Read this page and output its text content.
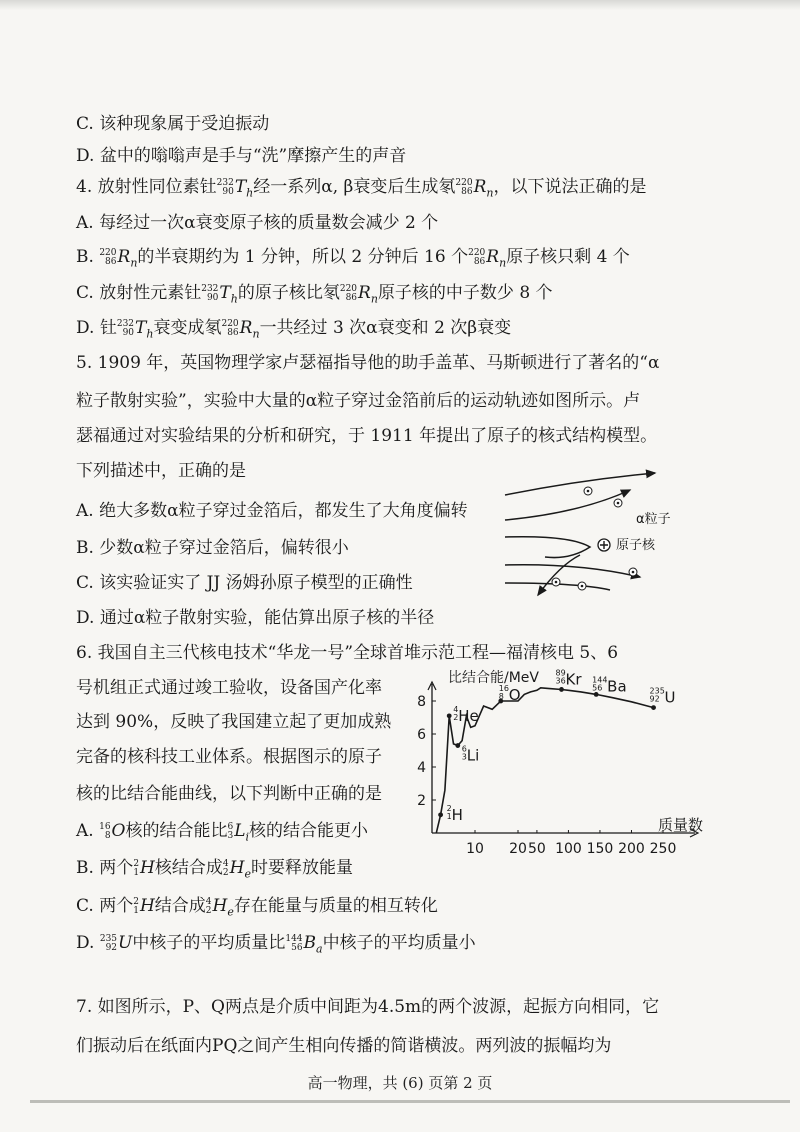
C. 该种现象属于受迫振动
D. 盆中的嗡嗡声是手与“洗”摩擦产生的声音
4. 放射性同位素钍 232
90 $T_h$经一系列α, β衰变后生成氡 220
86 $R_n$，以下说法正确的是
A. 每经过一次α衰变原子核的质量数会减少 2 个
B. 220
86 $R_n$的半衰期约为 1 分钟，所以 2 分钟后 16 个 220
86 $R_n$原子核只剩 4 个
C. 放射性元素钍 232
90 $T_h$的原子核比氡 220
86 $R_n$原子核的中子数少 8 个
D. 钍 232
90 $T_h$衰变成氡 220
86 $R_n$一共经过 3 次α衰变和 2 次β衰变
5. 1909 年，英国物理学家卢瑟福指导他的助手盖革、马斯顿进行了著名的“α
粒子散射实验”，实验中大量的α粒子穿过金箔前后的运动轨迹如图所示。卢
瑟福通过对实验结果的分析和研究，于 1911 年提出了原子的核式结构模型。
下列描述中，正确的是
A. 绝大多数α粒子穿过金箔后，都发生了大角度偏转
B. 少数α粒子穿过金箔后，偏转很小
C. 该实验证实了 JJ 汤姆孙原子模型的正确性
D. 通过α粒子散射实验，能估算出原子核的半径
α粒子
原子核
6. 我国自主三代核电技术“华龙一号”全球首堆示范工程—福清核电 5、6
号机组正式通过竣工验收，设备国产化率
达到 90%，反映了我国建立起了更加成熟
完备的核科技工业体系。根据图示的原子
核的比结合能曲线，以下判断中正确的是
A. 16
8 O核的结合能比 6
3 $L_i$核的结合能更小
B. 两个 2
1 H核结合成 4
2 $H_e$时要释放能量
C. 两个 2
1 H结合成 4
2 $H_e$存在能量与质量的相互转化
D. 235
92 U中核子的平均质量比 144
56 $B_a$中核子的平均质量小
10 20 50 100 150 200 250
2
4
6
8
2
1 H
6
3 Li
4
2 He
16
8 O
89
36 Kr 144
56 Ba	235
92 U
比结合能/MeV
质量数
7. 如图所示，P、Q两点是介质中间距为4.5m的两个波源，起振方向相同，它
们振动后在纸面内PQ之间产生相向传播的简谐横波。两列波的振幅均为
高一物理，共 (6) 页第 2 页
